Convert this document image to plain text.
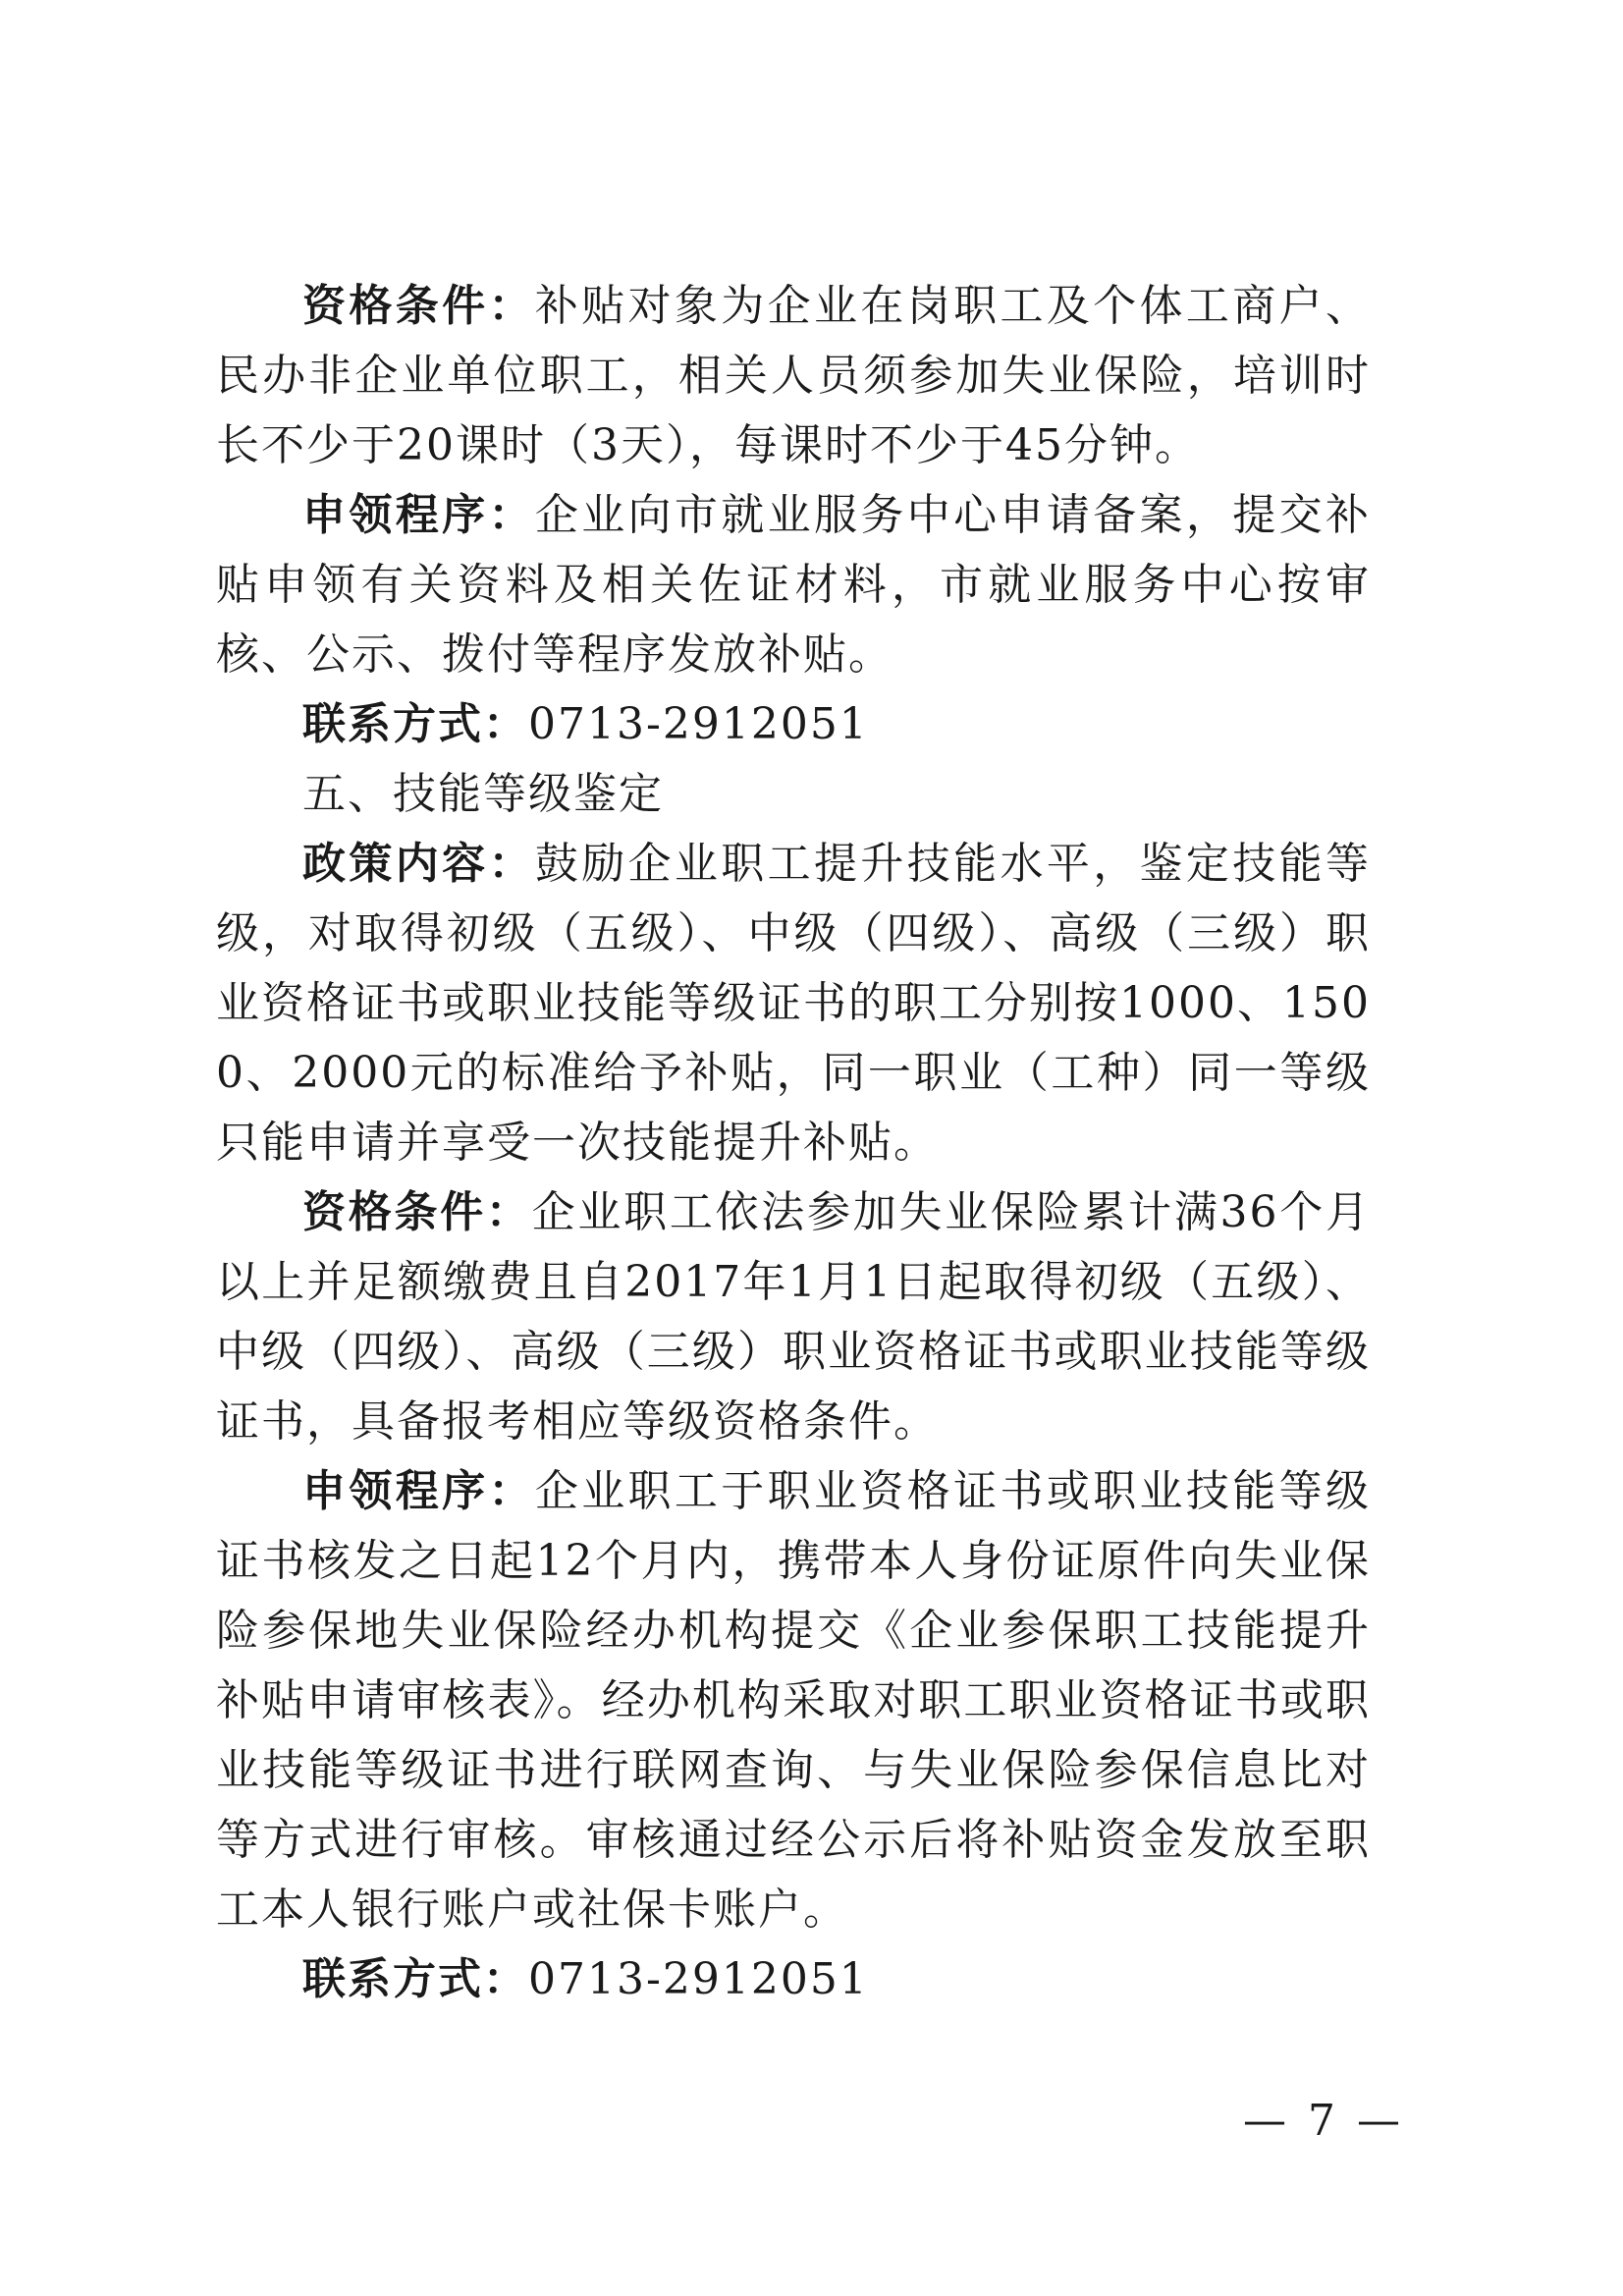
资格条件：补贴对象为企业在岗职工及个体工商户、民办非企业单位职工，相关人员须参加失业保险，培训时长不少于20课时（3天），每课时不少于45分钟。

申领程序：企业向市就业服务中心申请备案，提交补贴申领有关资料及相关佐证材料，市就业服务中心按审核、公示、拨付等程序发放补贴。

联系方式：0713-2912051

五、技能等级鉴定

政策内容：鼓励企业职工提升技能水平，鉴定技能等级，对取得初级（五级）、中级（四级）、高级（三级）职业资格证书或职业技能等级证书的职工分别按1000、1500、2000元的标准给予补贴，同一职业（工种）同一等级只能申请并享受一次技能提升补贴。

资格条件：企业职工依法参加失业保险累计满36个月以上并足额缴费且自2017年1月1日起取得初级（五级）、中级（四级）、高级（三级）职业资格证书或职业技能等级证书，具备报考相应等级资格条件。

申领程序：企业职工于职业资格证书或职业技能等级证书核发之日起12个月内，携带本人身份证原件向失业保险参保地失业保险经办机构提交《企业参保职工技能提升补贴申请审核表》。经办机构采取对职工职业资格证书或职业技能等级证书进行联网查询、与失业保险参保信息比对等方式进行审核。审核通过经公示后将补贴资金发放至职工本人银行账户或社保卡账户。

联系方式：0713-2912051

— 7 —
